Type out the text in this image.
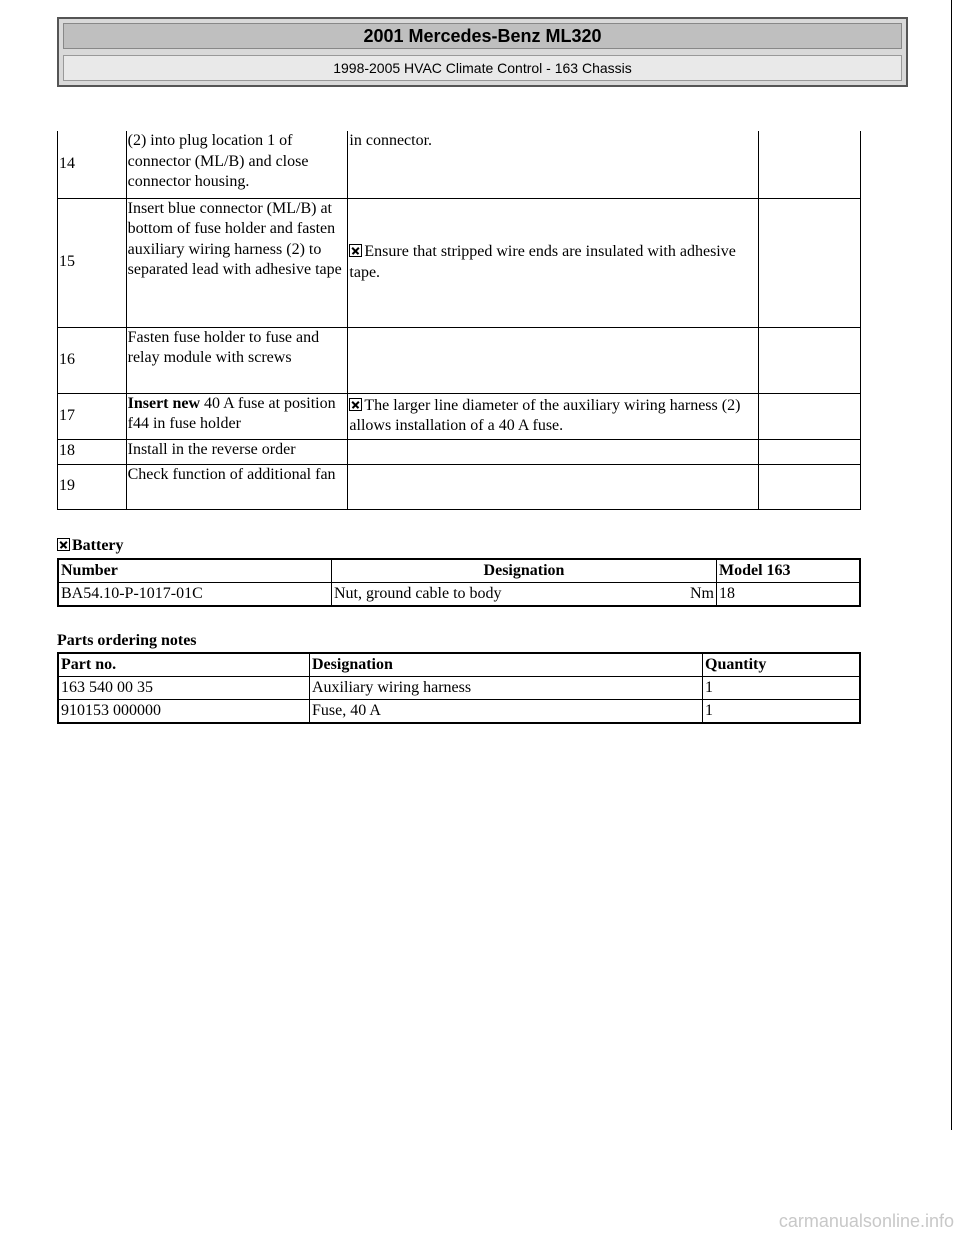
2001 Mercedes-Benz ML320
1998-2005 HVAC Climate Control - 163 Chassis
14	(2) into plug location 1 of connector (ML/B) and close connector housing.	in connector.	
15	Insert blue connector (ML/B) at bottom of fuse holder and fasten auxiliary wiring harness (2) to separated lead with adhesive tape	Ensure that stripped wire ends are insulated with adhesive tape.	
16	Fasten fuse holder to fuse and relay module with screws		
17	Insert new 40 A fuse at position f44 in fuse holder	The larger line diameter of the auxiliary wiring harness (2) allows installation of a 40 A fuse.	
18	Install in the reverse order		
19	Check function of additional fan		
Battery
Number	Designation	Model 163
BA54.10-P-1017-01C	Nut, ground cable to body Nm	18
Parts ordering notes
Part no.	Designation	Quantity
163 540 00 35	Auxiliary wiring harness	1
910153 000000	Fuse, 40 A	1
carmanualsonline.info
